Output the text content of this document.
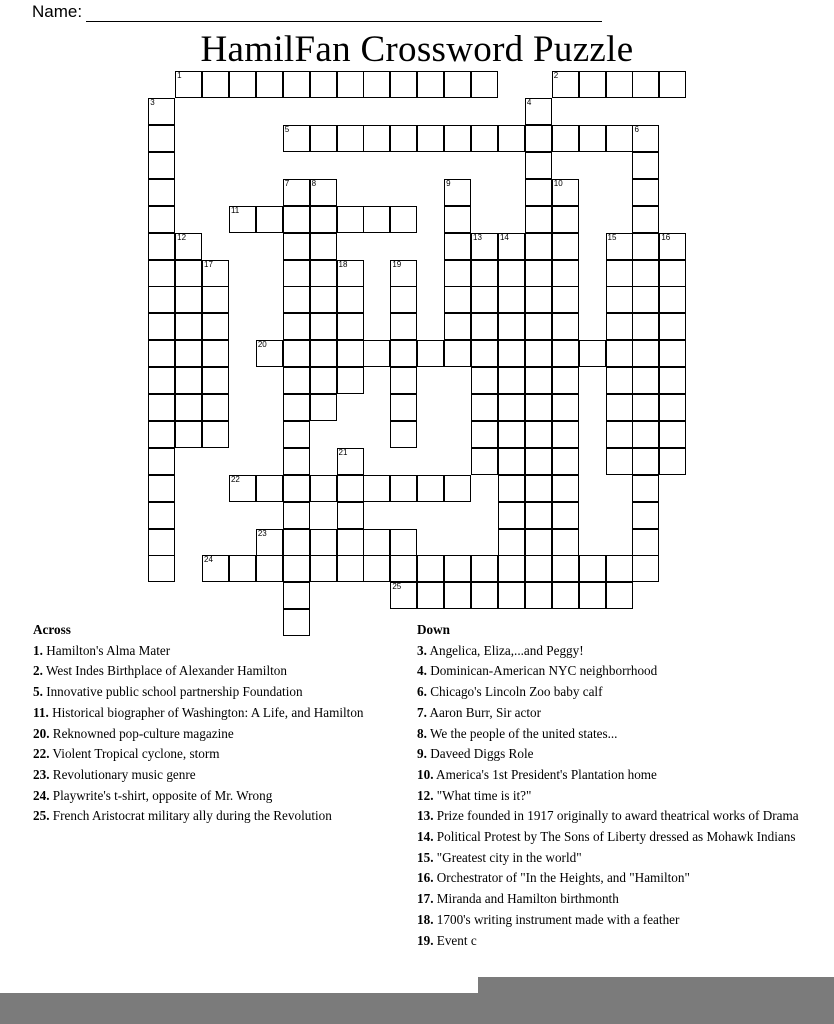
Name:
HamilFan Crossword Puzzle
1	2
3	4
5	6
7	8	9	10
11
12	13 14	15	16
17	18	19
20
21
22
23
24
25
Across
1. Hamilton's Alma Mater
2. West Indes Birthplace of Alexander Hamilton
5. Innovative public school partnership Foundation
11. Historical biographer of Washington: A Life, and Hamilton
20. Reknowned pop-culture magazine
22. Violent Tropical cyclone, storm
23. Revolutionary music genre
24. Playwrite's t-shirt, opposite of Mr. Wrong
25. French Aristocrat military ally during the Revolution
Down
3. Angelica, Eliza,...and Peggy!
4. Dominican-American NYC neighborrhood
6. Chicago's Lincoln Zoo baby calf
7. Aaron Burr, Sir actor
8. We the people of the united states...
9. Daveed Diggs Role
10. America's 1st President's Plantation home
12. "What time is it?"
13. Prize founded in 1917 originally to award theatrical works of Drama
14. Political Protest by The Sons of Liberty dressed as Mohawk Indians
15. "Greatest city in the world"
16. Orchestrator of "In the Heights, and "Hamilton"
17. Miranda and Hamilton birthmonth
18. 1700's writing instrument made with a feather
19. Event c
